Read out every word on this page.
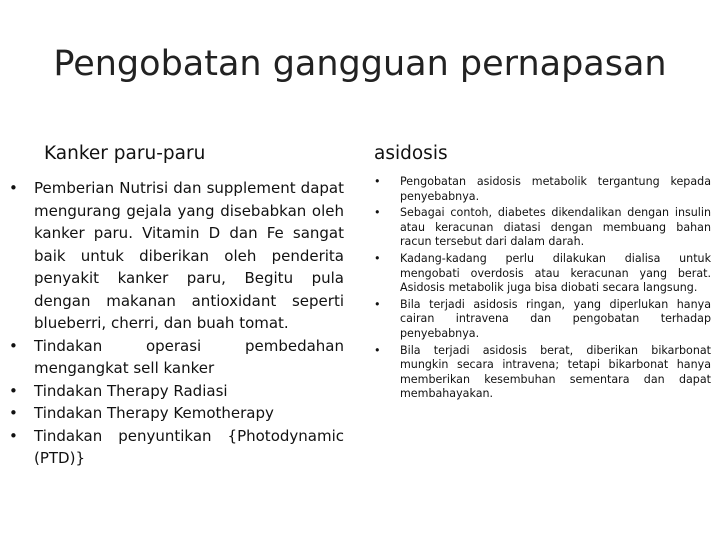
Pengobatan gangguan pernapasan
Kanker paru-paru	asidosis
• Pemberian Nutrisi dan supplement dapat mengurang gejala yang disebabkan oleh kanker paru. Vitamin D dan Fe sangat baik untuk diberikan oleh penderita penyakit kanker paru, Begitu pula dengan makanan antioxidant seperti blueberri, cherri, dan buah tomat.
• Tindakan operasi pembedahan mengangkat sell kanker
• Tindakan Therapy Radiasi
• Tindakan Therapy Kemotherapy
• Tindakan penyuntikan {Photodynamic (PTD)}
• Pengobatan asidosis metabolik tergantung kepada penyebabnya.
• Sebagai contoh, diabetes dikendalikan dengan insulin atau keracunan diatasi dengan membuang bahan racun tersebut dari dalam darah.
• Kadang-kadang perlu dilakukan dialisa untuk mengobati overdosis atau keracunan yang berat. Asidosis metabolik juga bisa diobati secara langsung.
• Bila terjadi asidosis ringan, yang diperlukan hanya cairan intravena dan pengobatan terhadap penyebabnya.
• Bila terjadi asidosis berat, diberikan bikarbonat mungkin secara intravena; tetapi bikarbonat hanya memberikan kesembuhan sementara dan dapat membahayakan.
